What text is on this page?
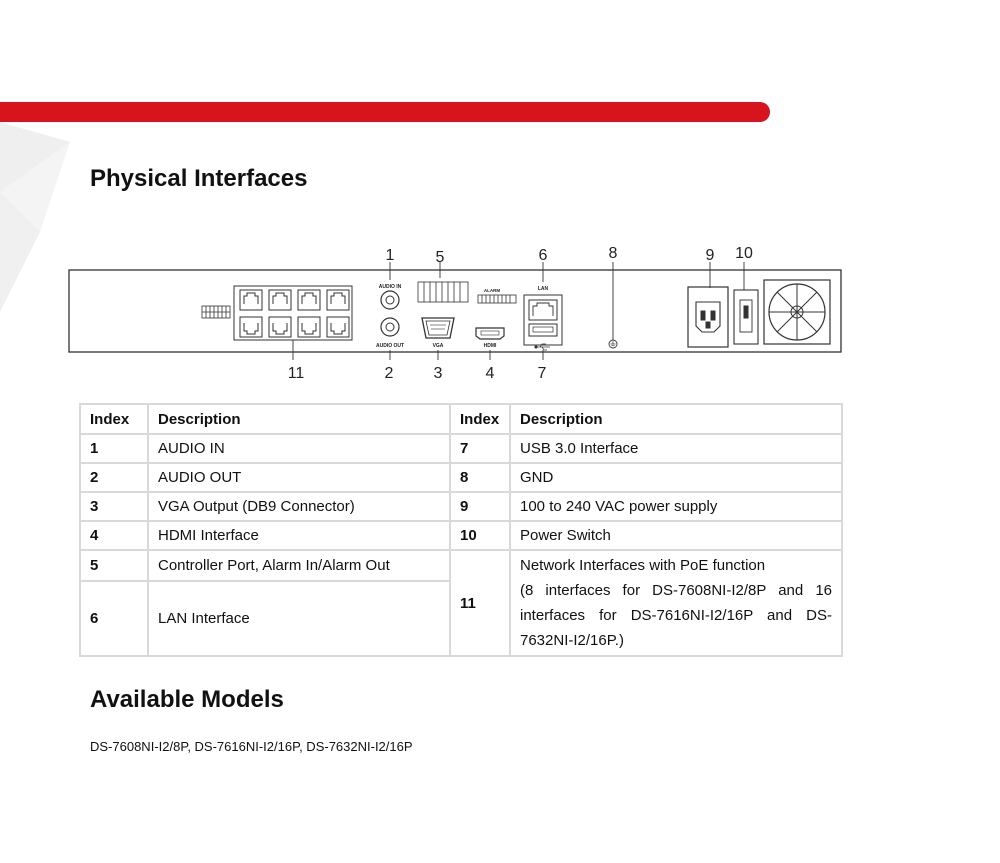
Physical Interfaces
AUDIO IN
AUDIO OUT
ALARM
VGA	HDMI
LAN
1	5	6	8	9 10
11	2	3	4	7
Index	Description	Index	Description
1	AUDIO IN	7	USB 3.0 Interface
2	AUDIO OUT	8	GND
3	VGA Output (DB9 Connector)	9	100 to 240 VAC power supply
4	HDMI Interface	10	Power Switch
5	Controller Port, Alarm In/Alarm Out	11	Network Interfaces with PoE function
(8 interfaces for DS-7608NI-I2/8P and 16 interfaces for DS-7616NI-I2/16P and DS-7632NI-I2/16P.)
6	LAN Interface		
Available Models
DS-7608NI-I2/8P, DS-7616NI-I2/16P, DS-7632NI-I2/16P
